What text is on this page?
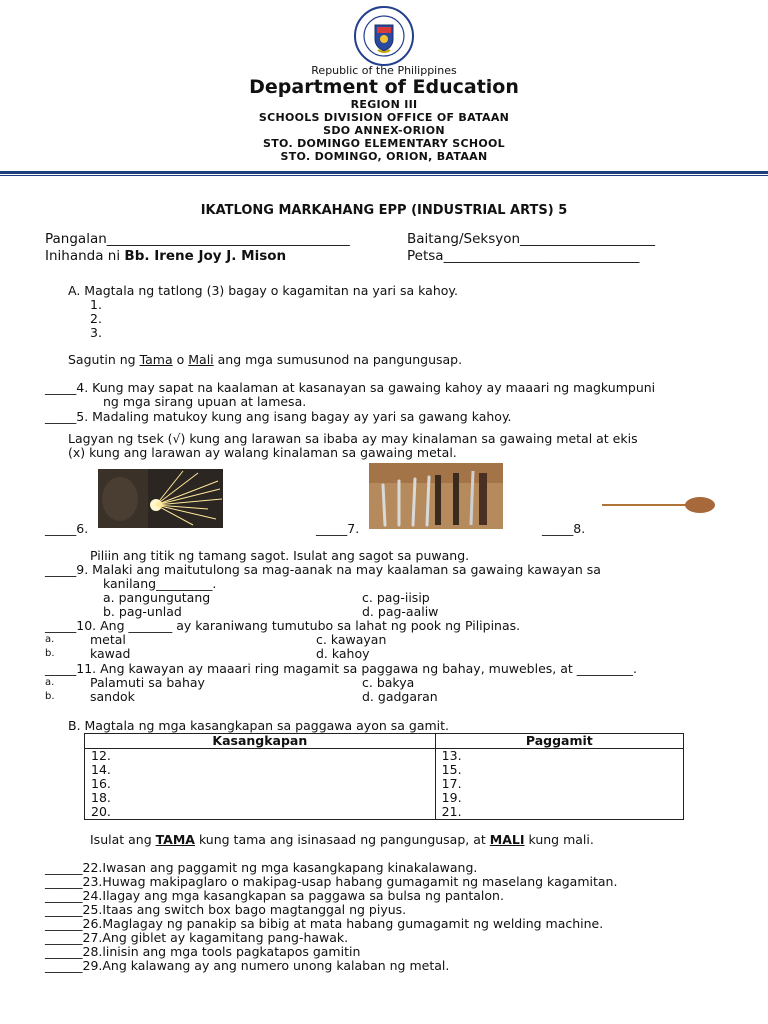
Republic of the Philippines
Department of Education
REGION III
SCHOOLS DIVISION OFFICE OF BATAAN
SDO ANNEX-ORION
STO. DOMINGO ELEMENTARY SCHOOL
STO. DOMINGO, ORION, BATAAN
IKATLONG MARKAHANG EPP (INDUSTRIAL ARTS) 5
Pangalan____________________________________	Baitang/Seksyon____________________
Inihanda ni Bb. Irene Joy J. Mison	Petsa_____________________________
A. Magtala ng tatlong (3) bagay o kagamitan na yari sa kahoy.
1.
2.
3.
Sagutin ng Tama o Mali ang mga sumusunod na pangungusap.
_____4. Kung may sapat na kaalaman at kasanayan sa gawaing kahoy ay maaari ng magkumpuni
ng mga sirang upuan at lamesa.
_____5. Madaling matukoy kung ang isang bagay ay yari sa gawang kahoy.
Lagyan ng tsek (√) kung ang larawan sa ibaba ay may kinalaman sa gawaing metal at ekis
(x) kung ang larawan ay walang kinalaman sa gawaing metal.
_____6.	_____7.	_____8.
Piliin ang titik ng tamang sagot. Isulat ang sagot sa puwang.
_____9. Malaki ang maitutulong sa mag-aanak na may kaalaman sa gawaing kawayan sa
kanilang_________.
a. pangungutang	c. pag-iisip
b. pag-unlad	d. pag-aaliw
_____10. Ang _______ ay karaniwang tumutubo sa lahat ng pook ng Pilipinas.
a.	metal	c. kawayan
b.	kawad	d. kahoy
_____11. Ang kawayan ay maaari ring magamit sa paggawa ng bahay, muwebles, at _________.
a.	Palamuti sa bahay	c. bakya
b.	sandok	d. gadgaran
B. Magtala ng mga kasangkapan sa paggawa ayon sa gamit.
Kasangkapan	Paggamit
12.	13.
14.	15.
16.	17.
18.	19.
20.	21.
Isulat ang TAMA kung tama ang isinasaad ng pangungusap, at MALI kung mali.
______22.Iwasan ang paggamit ng mga kasangkapang kinakalawang.
______23.Huwag makipaglaro o makipag-usap habang gumagamit ng maselang kagamitan.
______24.Ilagay ang mga kasangkapan sa paggawa sa bulsa ng pantalon.
______25.Itaas ang switch box bago magtanggal ng piyus.
______26.Maglagay ng panakip sa bibig at mata habang gumagamit ng welding machine.
______27.Ang giblet ay kagamitang pang-hawak.
______28.linisin ang mga tools pagkatapos gamitin
______29.Ang kalawang ay ang numero unong kalaban ng metal.
